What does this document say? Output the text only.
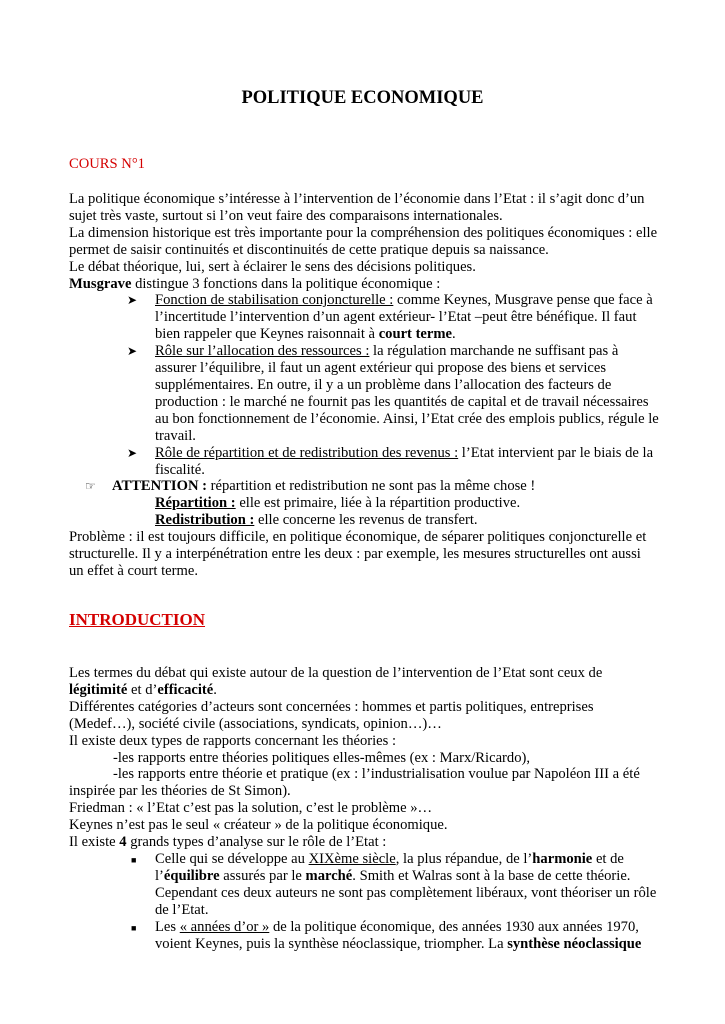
POLITIQUE ECONOMIQUE
COURS N°1

La politique économique s’intéresse à l’intervention de l’économie dans l’Etat : il s’agit donc d’un sujet très vaste, surtout si l’on veut faire des comparaisons internationales.

La dimension historique est très importante pour la compréhension des politiques économiques : elle permet de saisir continuités et discontinuités de cette pratique depuis sa naissance.

Le débat théorique, lui, sert à éclairer le sens des décisions politiques.

Musgrave distingue 3 fonctions dans la politique économique :

➤ Fonction de stabilisation conjoncturelle : comme Keynes, Musgrave pense que face à l’incertitude l’intervention d’un agent extérieur- l’Etat –peut être bénéfique. Il faut bien rappeler que Keynes raisonnait à court terme.
➤ Rôle sur l’allocation des ressources : la régulation marchande ne suffisant pas à assurer l’équilibre, il faut un agent extérieur qui propose des biens et services supplémentaires. En outre, il y a un problème dans l’allocation des facteurs de production : le marché ne fournit pas les quantités de capital et de travail nécessaires au bon fonctionnement de l’économie. Ainsi, l’Etat crée des emplois publics, régule le travail.
➤ Rôle de répartition et de redistribution des revenus : l’Etat intervient par le biais de la fiscalité.
☞ ATTENTION : répartition et redistribution ne sont pas la même chose !

Répartition : elle est primaire, liée à la répartition productive.

Redistribution : elle concerne les revenus de transfert.

Problème : il est toujours difficile, en politique économique, de séparer politiques conjoncturelle et structurelle. Il y a interpénétration entre les deux : par exemple, les mesures structurelles ont aussi un effet à court terme.

INTRODUCTION

Les termes du débat qui existe autour de la question de l’intervention de l’Etat sont ceux de légitimité et d’efficacité.

Différentes catégories d’acteurs sont concernées : hommes et partis politiques, entreprises (Medef…), société civile (associations, syndicats, opinion…)…

Il existe deux types de rapports concernant les théories :

-les rapports entre théories politiques elles-mêmes (ex : Marx/Ricardo),

-les rapports entre théorie et pratique (ex : l’industrialisation voulue par Napoléon III a été

inspirée par les théories de St Simon).

Friedman : « l’Etat c’est pas la solution, c’est le problème »…

Keynes n’est pas le seul « créateur » de la politique économique.

Il existe 4 grands types d’analyse sur le rôle de l’Etat :

■ Celle qui se développe au XIXème siècle, la plus répandue, de l’harmonie et de l’équilibre assurés par le marché. Smith et Walras sont à la base de cette théorie. Cependant ces deux auteurs ne sont pas complètement libéraux, vont théoriser un rôle de l’Etat.
■ Les « années d’or » de la politique économique, des années 1930 aux années 1970, voient Keynes, puis la synthèse néoclassique, triompher. La synthèse néoclassique
